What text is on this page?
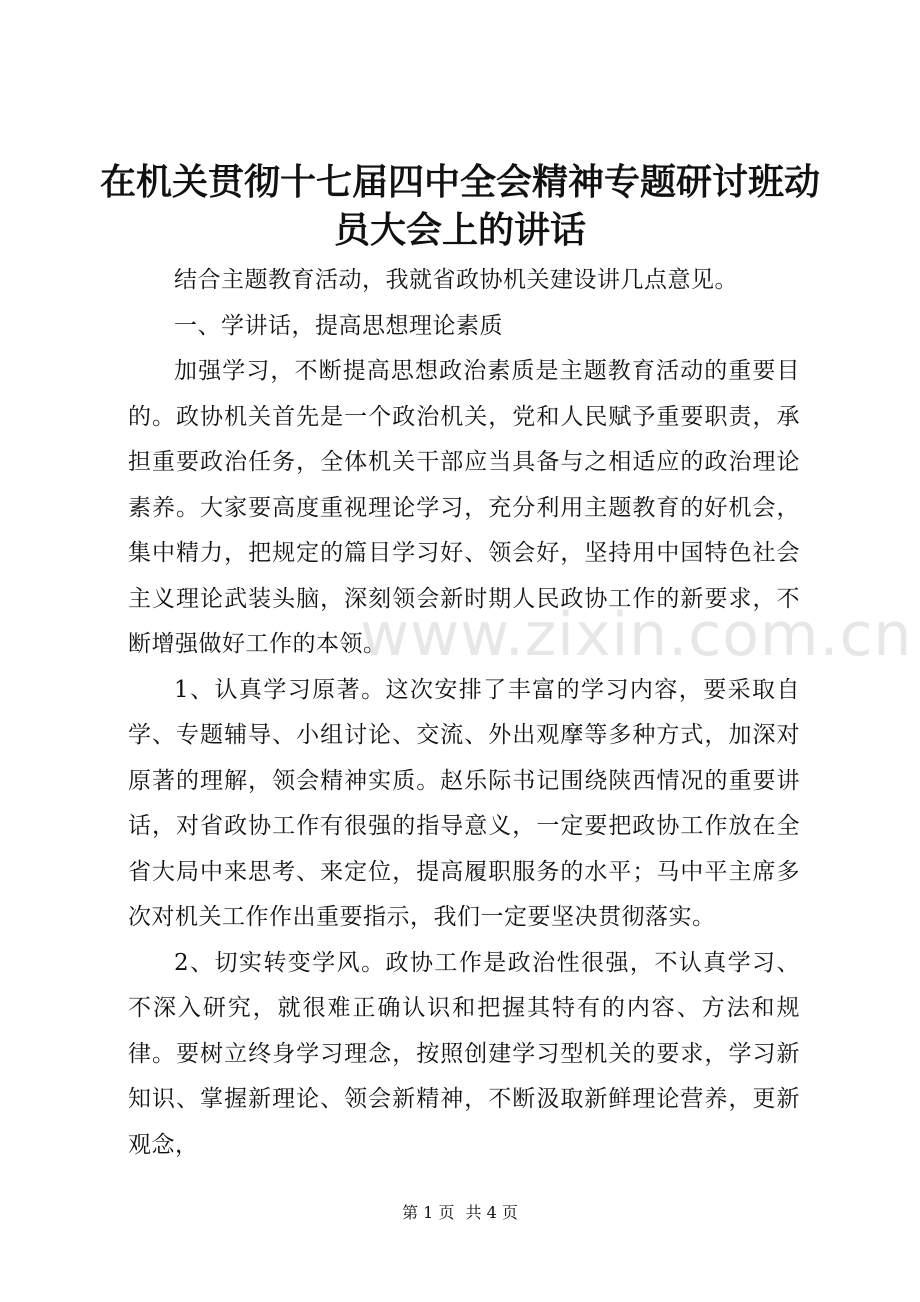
在机关贯彻十七届四中全会精神专题研讨班动员大会上的讲话

结合主题教育活动，我就省政协机关建设讲几点意见。

一、学讲话，提高思想理论素质

加强学习，不断提高思想政治素质是主题教育活动的重要目的。政协机关首先是一个政治机关，党和人民赋予重要职责，承担重要政治任务，全体机关干部应当具备与之相适应的政治理论素养。大家要高度重视理论学习，充分利用主题教育的好机会，集中精力，把规定的篇目学习好、领会好，坚持用中国特色社会主义理论武装头脑，深刻领会新时期人民政协工作的新要求，不断增强做好工作的本领。

1、认真学习原著。这次安排了丰富的学习内容，要采取自学、专题辅导、小组讨论、交流、外出观摩等多种方式，加深对原著的理解，领会精神实质。赵乐际书记围绕陕西情况的重要讲话，对省政协工作有很强的指导意义，一定要把政协工作放在全省大局中来思考、来定位，提高履职服务的水平；马中平主席多次对机关工作作出重要指示，我们一定要坚决贯彻落实。

2、切实转变学风。政协工作是政治性很强，不认真学习、不深入研究，就很难正确认识和把握其特有的内容、方法和规律。要树立终身学习理念，按照创建学习型机关的要求，学习新知识、掌握新理论、领会新精神，不断汲取新鲜理论营养，更新观念，

www.zixin.com.cn
第 1 页 共 4 页
